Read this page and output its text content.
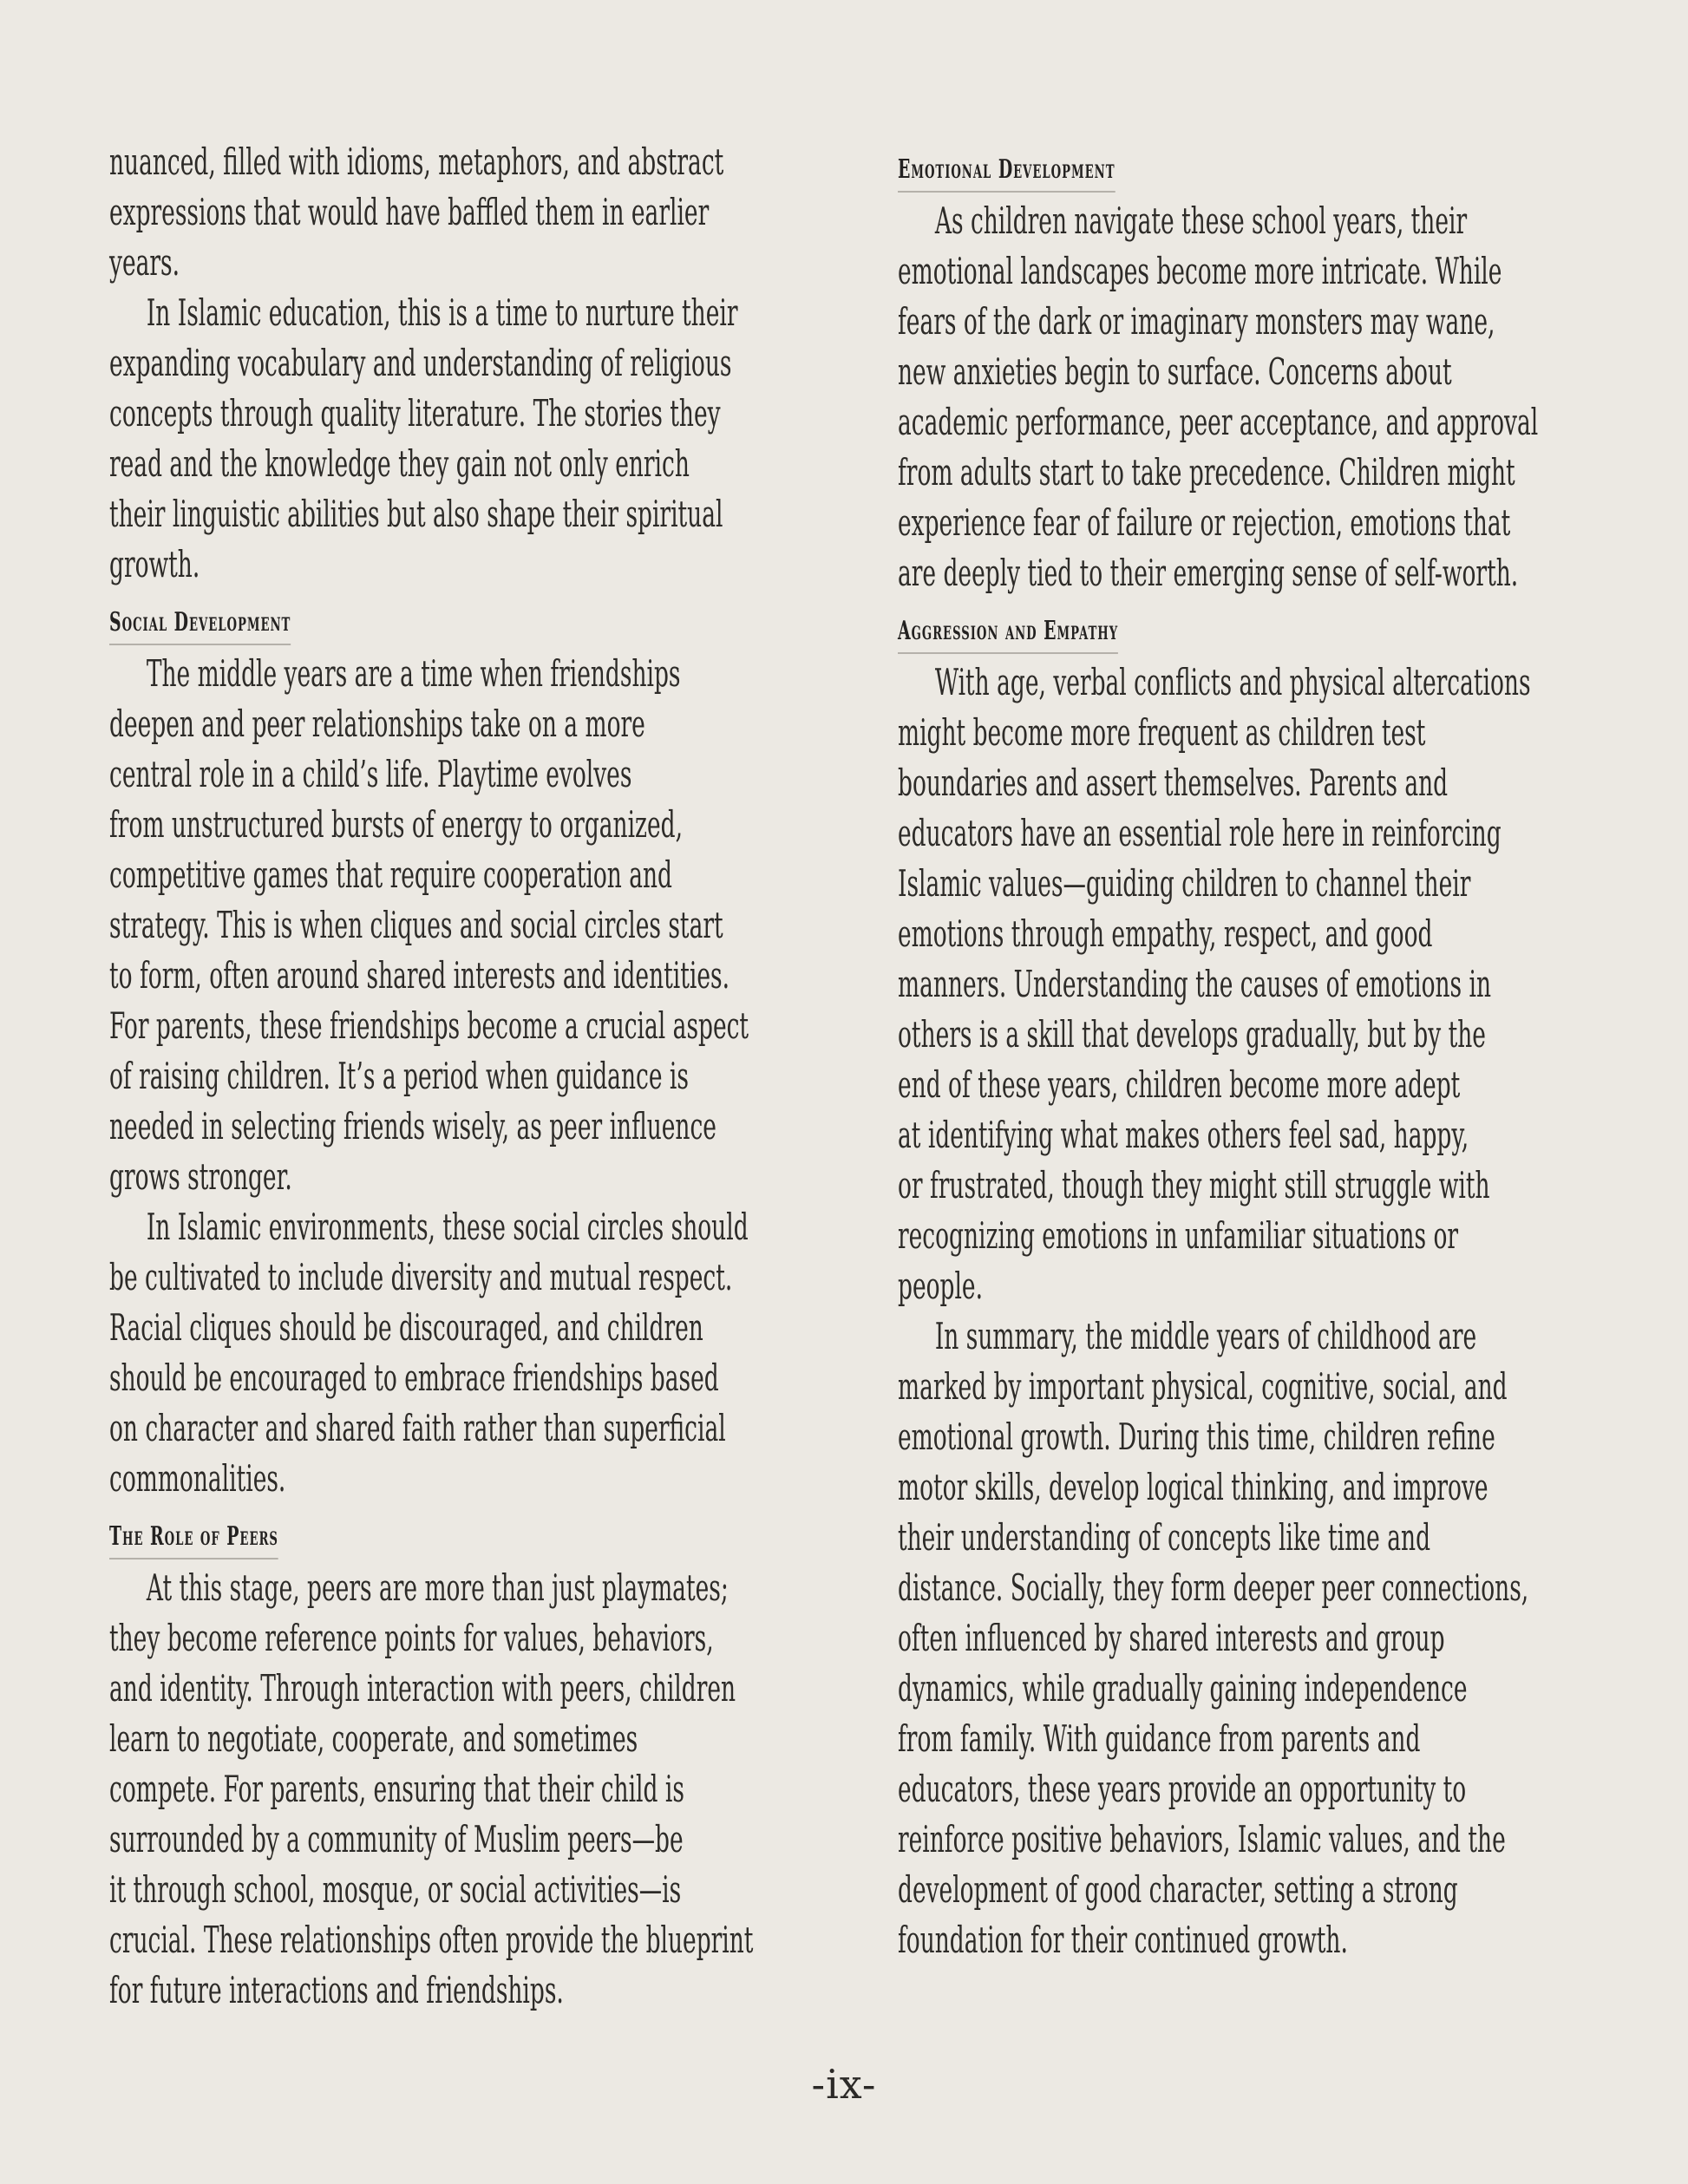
nuanced, filled with idioms, metaphors, and abstract
expressions that would have baffled them in earlier
years.

In Islamic education, this is a time to nurture their
expanding vocabulary and understanding of religious
concepts through quality literature. The stories they
read and the knowledge they gain not only enrich
their linguistic abilities but also shape their spiritual
growth.

Social Development

The middle years are a time when friendships
deepen and peer relationships take on a more
central role in a child’s life. Playtime evolves
from unstructured bursts of energy to organized,
competitive games that require cooperation and
strategy. This is when cliques and social circles start
to form, often around shared interests and identities.
For parents, these friendships become a crucial aspect
of raising children. It’s a period when guidance is
needed in selecting friends wisely, as peer influence
grows stronger.

In Islamic environments, these social circles should
be cultivated to include diversity and mutual respect.
Racial cliques should be discouraged, and children
should be encouraged to embrace friendships based
on character and shared faith rather than superficial
commonalities.

The Role of Peers

At this stage, peers are more than just playmates;
they become reference points for values, behaviors,
and identity. Through interaction with peers, children
learn to negotiate, cooperate, and sometimes
compete. For parents, ensuring that their child is
surrounded by a community of Muslim peers—be
it through school, mosque, or social activities—is
crucial. These relationships often provide the blueprint
for future interactions and friendships.

Emotional Development

As children navigate these school years, their
emotional landscapes become more intricate. While
fears of the dark or imaginary monsters may wane,
new anxieties begin to surface. Concerns about
academic performance, peer acceptance, and approval
from adults start to take precedence. Children might
experience fear of failure or rejection, emotions that
are deeply tied to their emerging sense of self-worth.

Aggression and Empathy

With age, verbal conflicts and physical altercations
might become more frequent as children test
boundaries and assert themselves. Parents and
educators have an essential role here in reinforcing
Islamic values—guiding children to channel their
emotions through empathy, respect, and good
manners. Understanding the causes of emotions in
others is a skill that develops gradually, but by the
end of these years, children become more adept
at identifying what makes others feel sad, happy,
or frustrated, though they might still struggle with
recognizing emotions in unfamiliar situations or
people.

In summary, the middle years of childhood are
marked by important physical, cognitive, social, and
emotional growth. During this time, children refine
motor skills, develop logical thinking, and improve
their understanding of concepts like time and
distance. Socially, they form deeper peer connections,
often influenced by shared interests and group
dynamics, while gradually gaining independence
from family. With guidance from parents and
educators, these years provide an opportunity to
reinforce positive behaviors, Islamic values, and the
development of good character, setting a strong
foundation for their continued growth.

-ix-
